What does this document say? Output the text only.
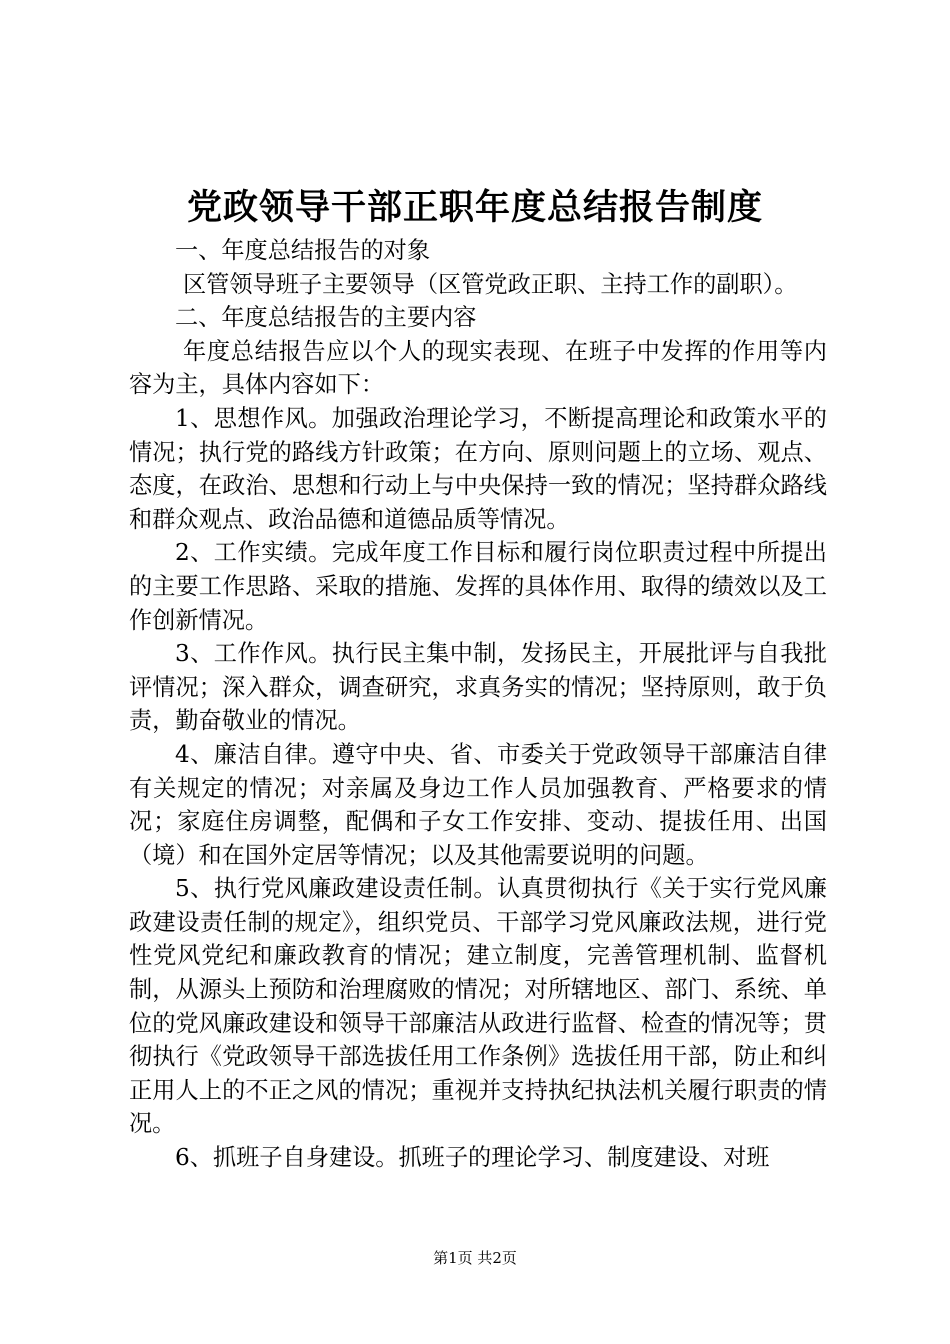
党政领导干部正职年度总结报告制度

一、年度总结报告的对象

区管领导班子主要领导（区管党政正职、主持工作的副职）。

二、年度总结报告的主要内容

年度总结报告应以个人的现实表现、在班子中发挥的作用等内容为主，具体内容如下：

1、思想作风。加强政治理论学习，不断提高理论和政策水平的情况；执行党的路线方针政策；在方向、原则问题上的立场、观点、态度，在政治、思想和行动上与中央保持一致的情况；坚持群众路线和群众观点、政治品德和道德品质等情况。

2、工作实绩。完成年度工作目标和履行岗位职责过程中所提出的主要工作思路、采取的措施、发挥的具体作用、取得的绩效以及工作创新情况。

3、工作作风。执行民主集中制，发扬民主，开展批评与自我批评情况；深入群众，调查研究，求真务实的情况；坚持原则，敢于负责，勤奋敬业的情况。

4、廉洁自律。遵守中央、省、市委关于党政领导干部廉洁自律有关规定的情况；对亲属及身边工作人员加强教育、严格要求的情况；家庭住房调整，配偶和子女工作安排、变动、提拔任用、出国（境）和在国外定居等情况；以及其他需要说明的问题。

5、执行党风廉政建设责任制。认真贯彻执行《关于实行党风廉政建设责任制的规定》，组织党员、干部学习党风廉政法规，进行党性党风党纪和廉政教育的情况；建立制度，完善管理机制、监督机制，从源头上预防和治理腐败的情况；对所辖地区、部门、系统、单位的党风廉政建设和领导干部廉洁从政进行监督、检查的情况等；贯彻执行《党政领导干部选拔任用工作条例》选拔任用干部，防止和纠正用人上的不正之风的情况；重视并支持执纪执法机关履行职责的情况。

6、抓班子自身建设。抓班子的理论学习、制度建设、对班

第1页 共2页
